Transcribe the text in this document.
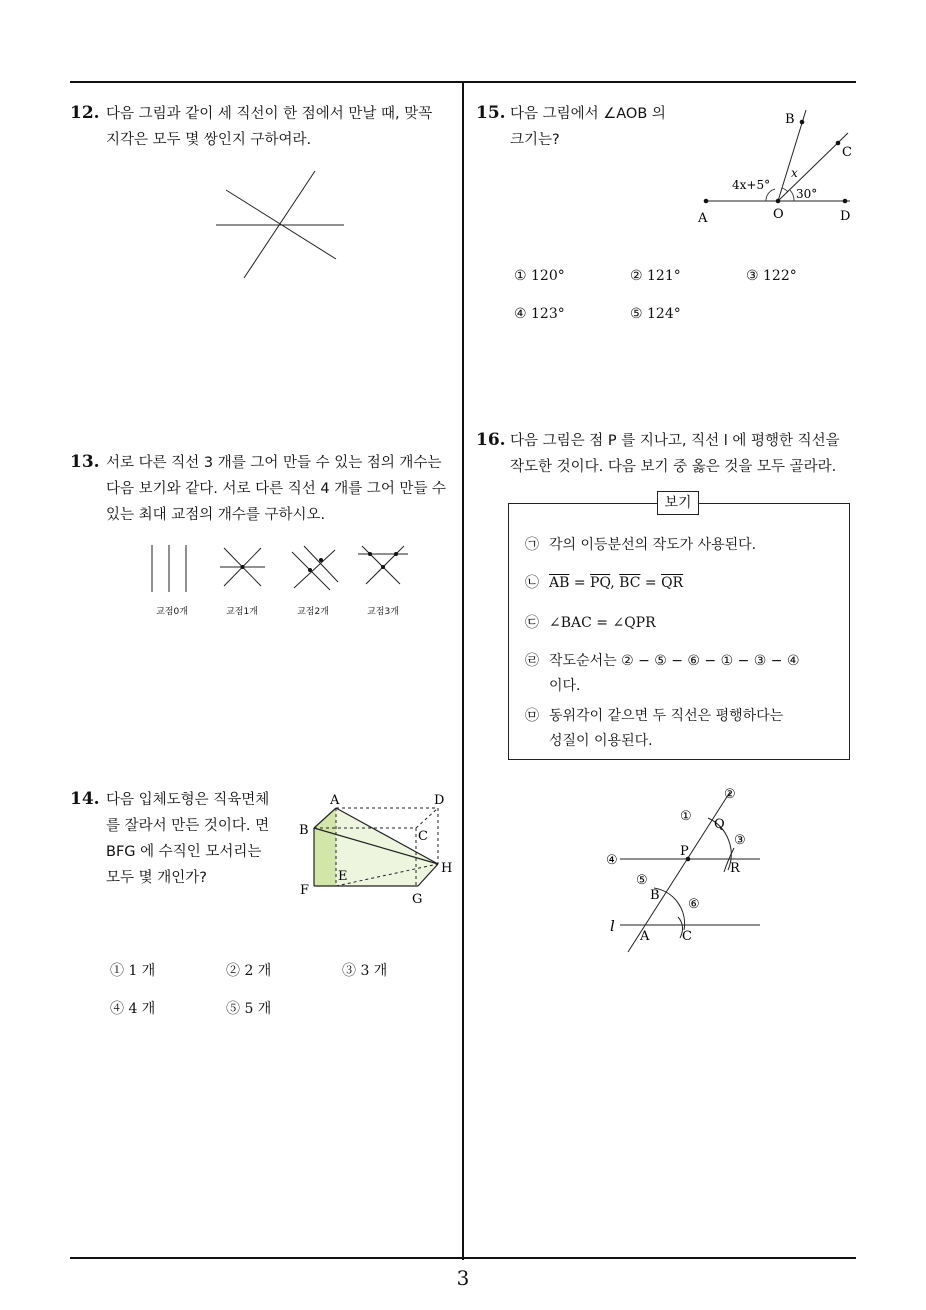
3
12. 다음 그림과 같이 세 직선이 한 점에서 만날 때, 맞꼭
지각은 모두 몇 쌍인지 구하여라.
13. 서로 다른 직선 3 개를 그어 만들 수 있는 점의 개수는
다음 보기와 같다. 서로 다른 직선 4 개를 그어 만들 수
있는 최대 교점의 개수를 구하시오.
교점0개	교점1개	교점2개	교점3개
14. 다음 입체도형은 직육면체
를 잘라서 만든 것이다. 면
BFG 에 수직인 모서리는
모두 몇 개인가?
A	D
B	C
E
H
F
G
① 1 개	② 2 개	③ 3 개
④ 4 개	⑤ 5 개
15. 다음 그림에서 ∠AOB 의
크기는?
A	O	D
B
C
4x+5°
x
30°
① 120°	② 121°	③ 122°
④ 123°	⑤ 124°
16. 다음 그림은 점 P 를 지나고, 직선 l 에 평행한 직선을
작도한 것이다. 다음 보기 중 옳은 것을 모두 골라라.
보기
㉠ 각의 이등분선의 작도가 사용된다.
㉡ $\overline{AB} = \overline{PQ}$, $\overline{BC} = \overline{QR}$
㉢ ∠BAC = ∠QPR
㉣ 작도순서는 ② − ⑤ − ⑥ − ① − ③ − ④
이다.
㉤ 동위각이 같으면 두 직선은 평행하다는
성질이 이용된다.
①
②
③
④
⑤
⑥
Q
P
R
B
A	C
l
